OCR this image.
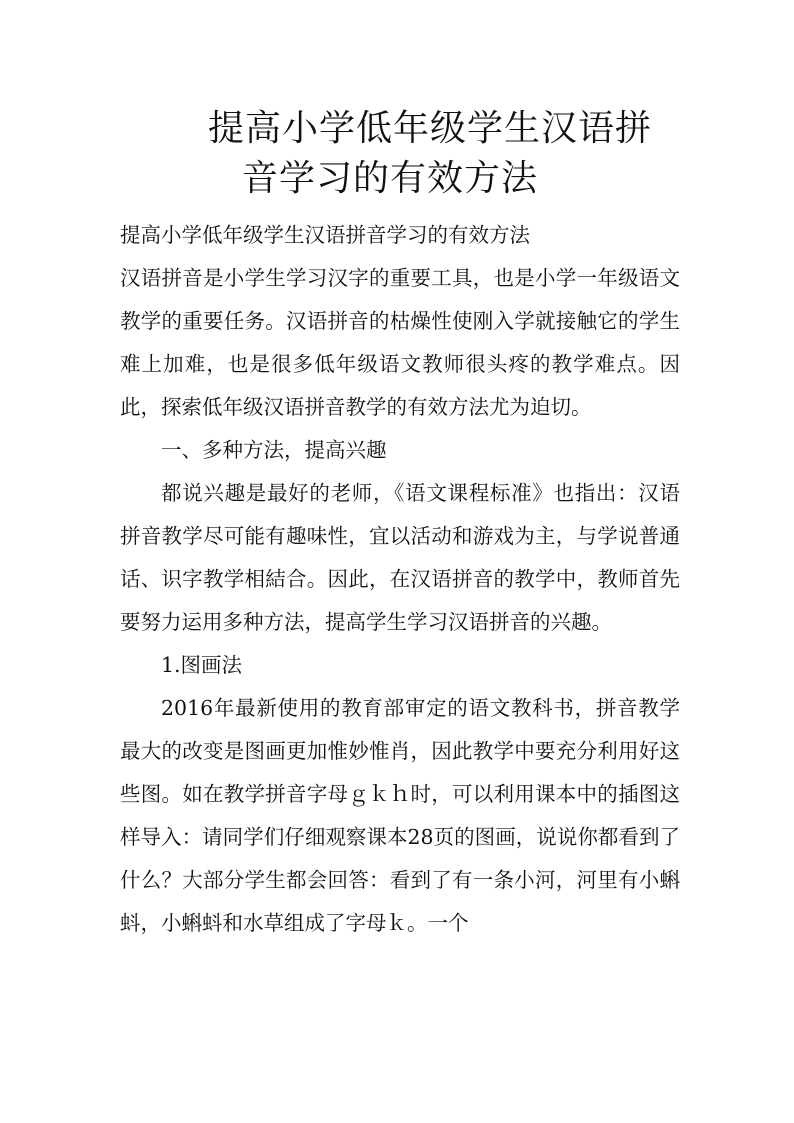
提高小学低年级学生汉语拼
音学习的有效方法

提高小学低年级学生汉语拼音学习的有效方法

汉语拼音是小学生学习汉字的重要工具，也是小学一年级语文教学的重要任务。汉语拼音的枯燥性使刚入学就接触它的学生难上加难，也是很多低年级语文教师很头疼的教学难点。因此，探索低年级汉语拼音教学的有效方法尤为迫切。

一、多种方法，提高兴趣

都说兴趣是最好的老师，《语文课程标准》也指出：汉语拼音教学尽可能有趣味性，宜以活动和游戏为主，与学说普通话、识字教学相結合。因此，在汉语拼音的教学中，教师首先要努力运用多种方法，提高学生学习汉语拼音的兴趣。

1.图画法

2016年最新使用的教育部审定的语文教科书，拼音教学最大的改变是图画更加惟妙惟肖，因此教学中要充分利用好这些图。如在教学拼音字母ｇｋｈ时，可以利用课本中的插图这样导入：请同学们仔细观察课本28页的图画，说说你都看到了什么？大部分学生都会回答：看到了有一条小河，河里有小蝌蚪，小蝌蚪和水草组成了字母ｋ。一个
